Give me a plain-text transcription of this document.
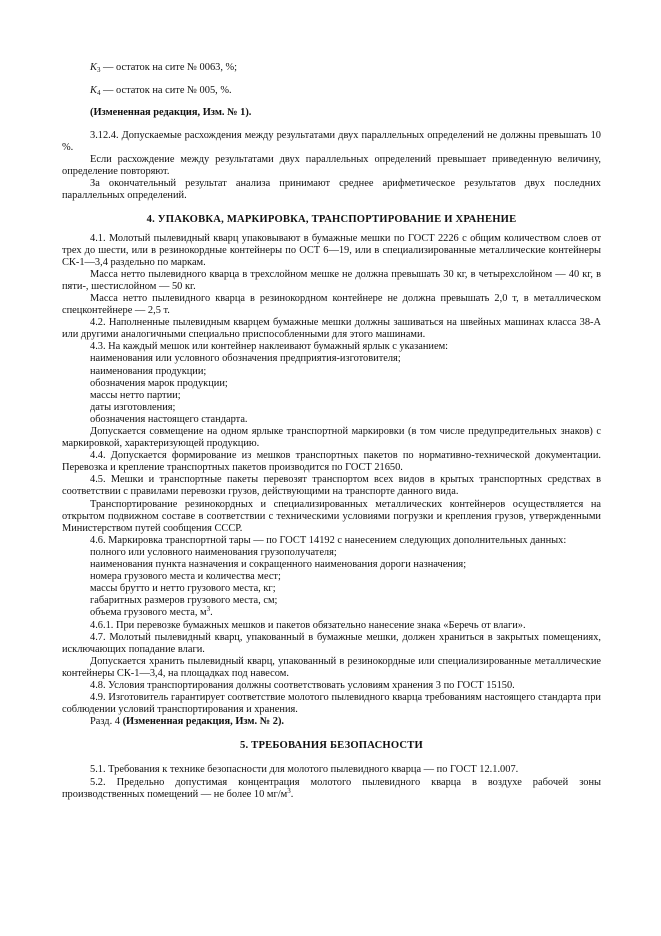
$K_3$ — остаток на сите № 0063, %;

$K_4$ — остаток на сите № 005, %.

(Измененная редакция, Изм. № 1).

3.12.4. Допускаемые расхождения между результатами двух параллельных определений не должны превышать 10 %.

Если расхождение между результатами двух параллельных определений превышает приведенную величину, определение повторяют.

За окончательный результат анализа принимают среднее арифметическое результатов двух последних параллельных определений.

4. УПАКОВКА, МАРКИРОВКА, ТРАНСПОРТИРОВАНИЕ И ХРАНЕНИЕ

4.1. Молотый пылевидный кварц упаковывают в бумажные мешки по ГОСТ 2226 с общим количеством слоев от трех до шести, или в резинокордные контейнеры по ОСТ 6—19, или в специализированные металлические контейнеры СК-1—3,4 раздельно по маркам.

Масса нетто пылевидного кварца в трехслойном мешке не должна превышать 30 кг, в четырехслойном — 40 кг, в пяти-, шестислойном — 50 кг.

Масса нетто пылевидного кварца в резинокордном контейнере не должна превышать 2,0 т, в металлическом спецконтейнере — 2,5 т.

4.2. Наполненные пылевидным кварцем бумажные мешки должны зашиваться на швейных машинах класса 38-А или другими аналогичными специально приспособленными для этого машинами.

4.3. На каждый мешок или контейнер наклеивают бумажный ярлык с указанием:

наименования или условного обозначения предприятия-изготовителя;

наименования продукции;

обозначения марок продукции;

массы нетто партии;

даты изготовления;

обозначения настоящего стандарта.

Допускается совмещение на одном ярлыке транспортной маркировки (в том числе предупредительных знаков) с маркировкой, характеризующей продукцию.

4.4. Допускается формирование из мешков транспортных пакетов по нормативно-технической документации. Перевозка и крепление транспортных пакетов производится по ГОСТ 21650.

4.5. Мешки и транспортные пакеты перевозят транспортом всех видов в крытых транспортных средствах в соответствии с правилами перевозки грузов, действующими на транспорте данного вида.

Транспортирование резинокордных и специализированных металлических контейнеров осуществляется на открытом подвижном составе в соответствии с техническими условиями погрузки и крепления грузов, утвержденными Министерством путей сообщения СССР.

4.6. Маркировка транспортной тары — по ГОСТ 14192 с нанесением следующих дополнительных данных:

полного или условного наименования грузополучателя;

наименования пункта назначения и сокращенного наименования дороги назначения;

номера грузового места и количества мест;

массы брутто и нетто грузового места, кг;

габаритных размеров грузового места, см;

объема грузового места, $м^3$.

4.6.1. При перевозке бумажных мешков и пакетов обязательно нанесение знака «Беречь от влаги».

4.7. Молотый пылевидный кварц, упакованный в бумажные мешки, должен храниться в закрытых помещениях, исключающих попадание влаги.

Допускается хранить пылевидный кварц, упакованный в резинокордные или специализированные металлические контейнеры СК-1—3,4, на площадках под навесом.

4.8. Условия транспортирования должны соответствовать условиям хранения 3 по ГОСТ 15150.

4.9. Изготовитель гарантирует соответствие молотого пылевидного кварца требованиям настоящего стандарта при соблюдении условий транспортирования и хранения.

Разд. 4 (Измененная редакция, Изм. № 2).

5. ТРЕБОВАНИЯ БЕЗОПАСНОСТИ

5.1. Требования к технике безопасности для молотого пылевидного кварца — по ГОСТ 12.1.007.

5.2. Предельно допустимая концентрация молотого пылевидного кварца в воздухе рабочей зоны производственных помещений — не более 10 $мг/м^3$.
